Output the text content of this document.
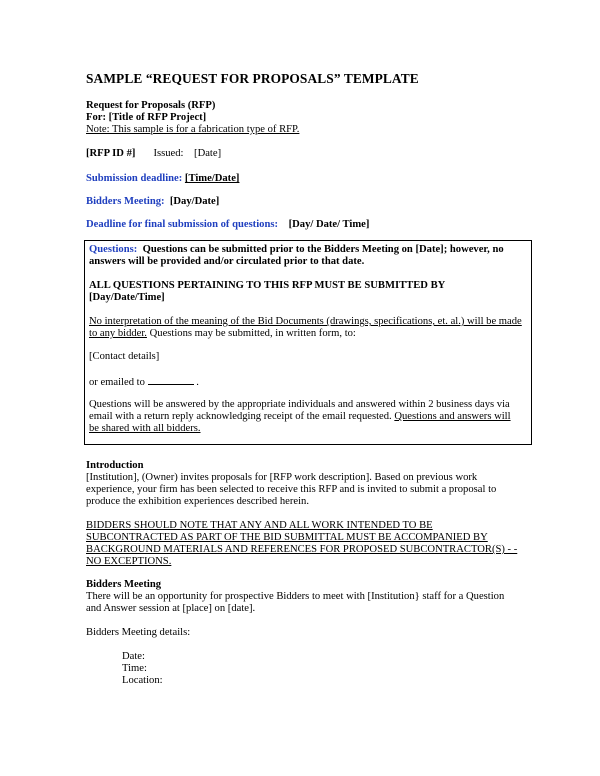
SAMPLE “REQUEST FOR PROPOSALS” TEMPLATE
Request for Proposals (RFP)
For: [Title of RFP Project]
Note: This sample is for a fabrication type of RFP.
[RFP ID #] Issued: [Date]
Submission deadline: [Time/Date]
Bidders Meeting: [Day/Date]
Deadline for final submission of questions: [Day/ Date/ Time]
Questions: Questions can be submitted prior to the Bidders Meeting on [Date]; however, no
answers will be provided and/or circulated prior to that date.
ALL QUESTIONS PERTAINING TO THIS RFP MUST BE SUBMITTED BY
[Day/Date/Time]
No interpretation of the meaning of the Bid Documents (drawings, specifications, et. al.) will be made
to any bidder. Questions may be submitted, in written form, to:
[Contact details]
or emailed to	.
Questions will be answered by the appropriate individuals and answered within 2 business days via
email with a return reply acknowledging receipt of the email requested. Questions and answers will
be shared with all bidders.
Introduction
[Institution], (Owner) invites proposals for [RFP work description]. Based on previous work
experience, your firm has been selected to receive this RFP and is invited to submit a proposal to
produce the exhibition experiences described herein.
BIDDERS SHOULD NOTE THAT ANY AND ALL WORK INTENDED TO BE
SUBCONTRACTED AS PART OF THE BID SUBMITTAL MUST BE ACCOMPANIED BY
BACKGROUND MATERIALS AND REFERENCES FOR PROPOSED SUBCONTRACTOR(S) - -
NO EXCEPTIONS.
Bidders Meeting
There will be an opportunity for prospective Bidders to meet with [Institution} staff for a Question
and Answer session at [place] on [date].
Bidders Meeting details:
Date:
Time:
Location:
